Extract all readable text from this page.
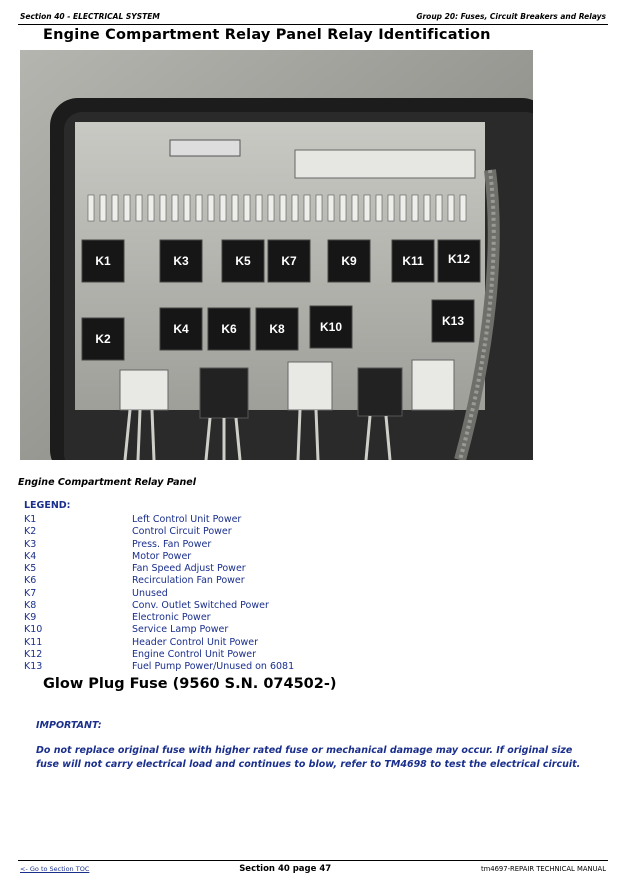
Section 40 - ELECTRICAL SYSTEM	Group 20: Fuses, Circuit Breakers and Relays
Engine Compartment Relay Panel Relay Identification
K1
K2
K3
K4
K5
K6
K7
K8
K9
K10
K11 K12
K13
Engine Compartment Relay Panel
LEGEND:
K1	Left Control Unit Power
K2	Control Circuit Power
K3	Press. Fan Power
K4	Motor Power
K5	Fan Speed Adjust Power
K6	Recirculation Fan Power
K7	Unused
K8	Conv. Outlet Switched Power
K9	Electronic Power
K10	Service Lamp Power
K11	Header Control Unit Power
K12	Engine Control Unit Power
K13	Fuel Pump Power/Unused on 6081
Glow Plug Fuse (9560 S.N. 074502-)
IMPORTANT:
Do not replace original fuse with higher rated fuse or mechanical damage may occur. If original size fuse will not carry electrical load and continues to blow, refer to TM4698 to test the electrical circuit.
<- Go to Section TOC	Section 40 page 47	tm4697-REPAIR TECHNICAL MANUAL
